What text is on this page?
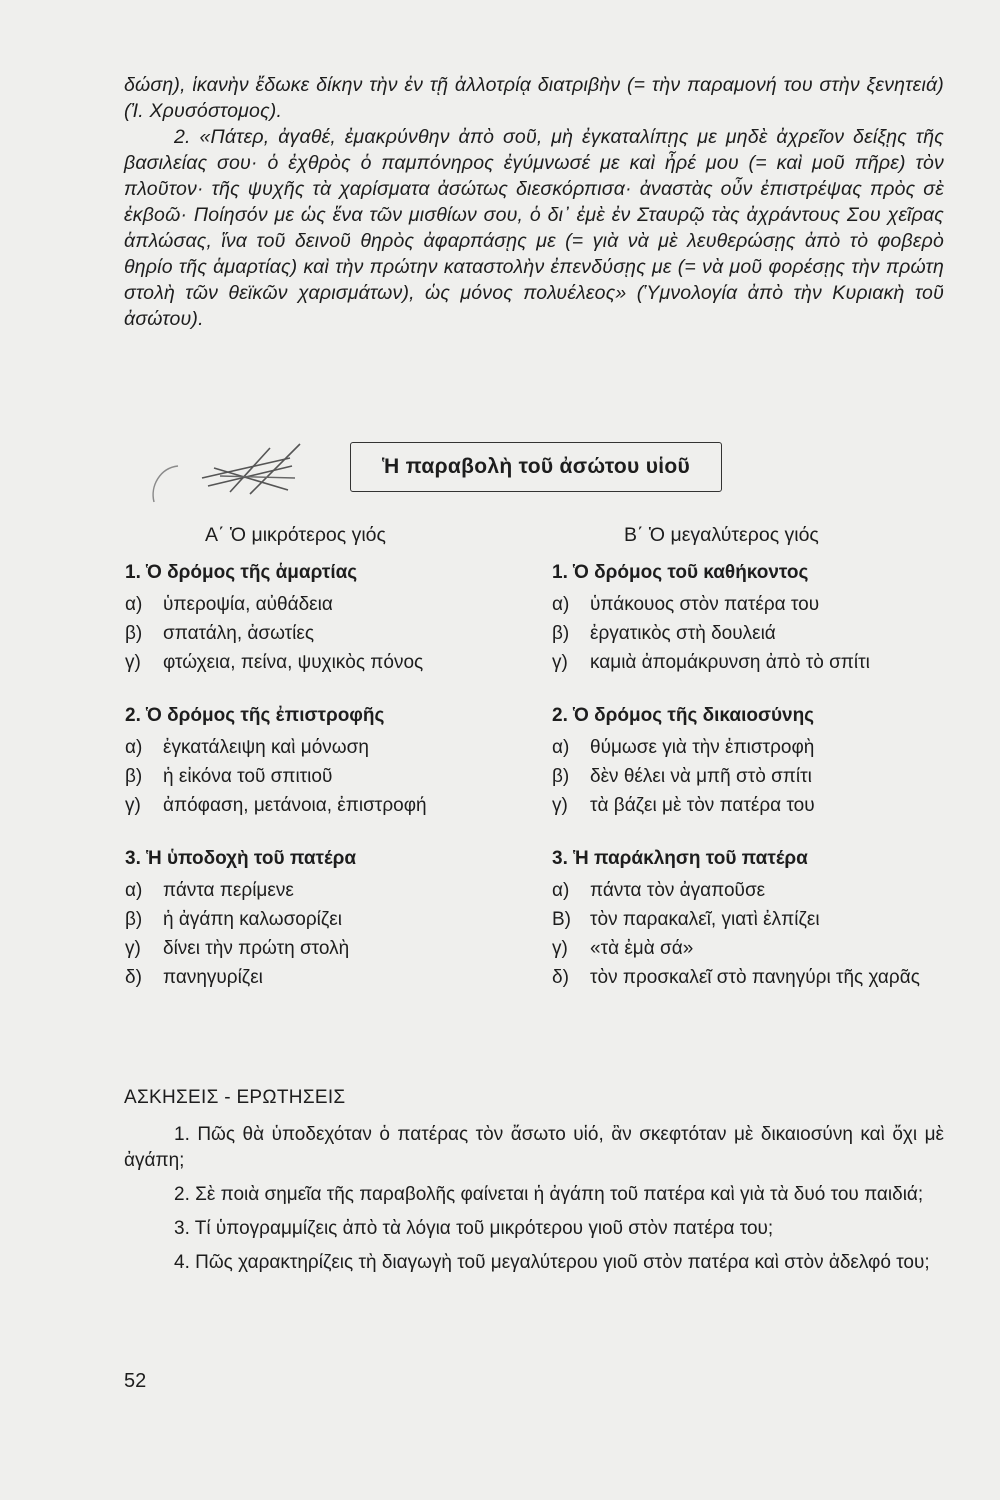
δώση), ἱκανὴν ἔδωκε δίκην τὴν ἐν τῇ ἀλλοτρίᾳ διατριβὴν (= τὴν παραμονή του στὴν ξενητειά) (Ἰ. Χρυσόστομος).

2. «Πάτερ, ἀγαθέ, ἐμακρύνθην ἀπὸ σοῦ, μὴ ἐγκαταλίπῃς με μηδὲ ἀχρεῖον δείξῃς τῆς βασιλείας σου· ὁ ἐχθρὸς ὁ παμπόνηρος ἐγύμνωσέ με καὶ ἦρέ μου (= καὶ μοῦ πῆρε) τὸν πλοῦτον· τῆς ψυχῆς τὰ χαρίσματα ἀσώτως διεσκόρπισα· ἀναστὰς οὖν ἐπιστρέψας πρὸς σὲ ἐκβοῶ· Ποίησόν με ὡς ἕνα τῶν μισθίων σου, ὁ δι᾽ ἐμὲ ἐν Σταυρῷ τὰς ἀχράντους Σου χεῖρας ἁπλώσας, ἵνα τοῦ δεινοῦ θηρὸς ἀφαρπάσῃς με (= γιὰ νὰ μὲ λευθερώσῃς ἀπὸ τὸ φοβερὸ θηρίο τῆς ἁμαρτίας) καὶ τὴν πρώτην καταστολὴν ἐπενδύσῃς με (= νὰ μοῦ φορέσῃς τὴν πρώτη στολὴ τῶν θεϊκῶν χαρισμάτων), ὡς μόνος πολυέλεος» (Ὑμνολογία ἀπὸ τὴν Κυριακὴ τοῦ ἀσώτου).

Ἡ παραβολὴ τοῦ ἀσώτου υἱοῦ
Α΄ Ὁ μικρότερος γιός
1. Ὁ δρόμος τῆς ἁμαρτίας
α)	ὑπεροψία, αὐθάδεια
β)	σπατάλη, ἀσωτίες
γ)	φτώχεια, πείνα, ψυχικὸς πόνος
2. Ὁ δρόμος τῆς ἐπιστροφῆς
α)	ἐγκατάλειψη καὶ μόνωση
β)	ἡ εἰκόνα τοῦ σπιτιοῦ
γ)	ἀπόφαση, μετάνοια, ἐπιστροφή
3. Ἡ ὑποδοχὴ τοῦ πατέρα
α)	πάντα περίμενε
β)	ἡ ἀγάπη καλωσορίζει
γ)	δίνει τὴν πρώτη στολὴ
δ)	πανηγυρίζει
Β΄ Ὁ μεγαλύτερος γιός
1. Ὁ δρόμος τοῦ καθήκοντος
α)	ὑπάκουος στὸν πατέρα του
β)	ἐργατικὸς στὴ δουλειά
γ)	καμιὰ ἀπομάκρυνση ἀπὸ τὸ σπίτι
2. Ὁ δρόμος τῆς δικαιοσύνης
α)	θύμωσε γιὰ τὴν ἐπιστροφὴ
β)	δὲν θέλει νὰ μπῆ στὸ σπίτι
γ)	τὰ βάζει μὲ τὸν πατέρα του
3. Ἡ παράκληση τοῦ πατέρα
α)	πάντα τὸν ἀγαποῦσε
Β)	τὸν παρακαλεῖ, γιατὶ ἐλπίζει
γ)	«τὰ ἐμὰ σά»
δ) τὸν προσκαλεῖ στὸ πανηγύρι τῆς χαρᾶς
ΑΣΚΗΣΕΙΣ - ΕΡΩΤΗΣΕΙΣ

1. Πῶς θὰ ὑποδεχόταν ὁ πατέρας τὸν ἄσωτο υἱό, ἂν σκεφτόταν μὲ δικαιοσύνη καὶ ὄχι μὲ ἀγάπη;

2. Σὲ ποιὰ σημεῖα τῆς παραβολῆς φαίνεται ἡ ἀγάπη τοῦ πατέρα καὶ γιὰ τὰ δυό του παιδιά;

3. Τί ὑπογραμμίζεις ἀπὸ τὰ λόγια τοῦ μικρότερου γιοῦ στὸν πατέρα του;

4. Πῶς χαρακτηρίζεις τὴ διαγωγὴ τοῦ μεγαλύτερου γιοῦ στὸν πατέρα καὶ στὸν ἀδελφό του;

52
